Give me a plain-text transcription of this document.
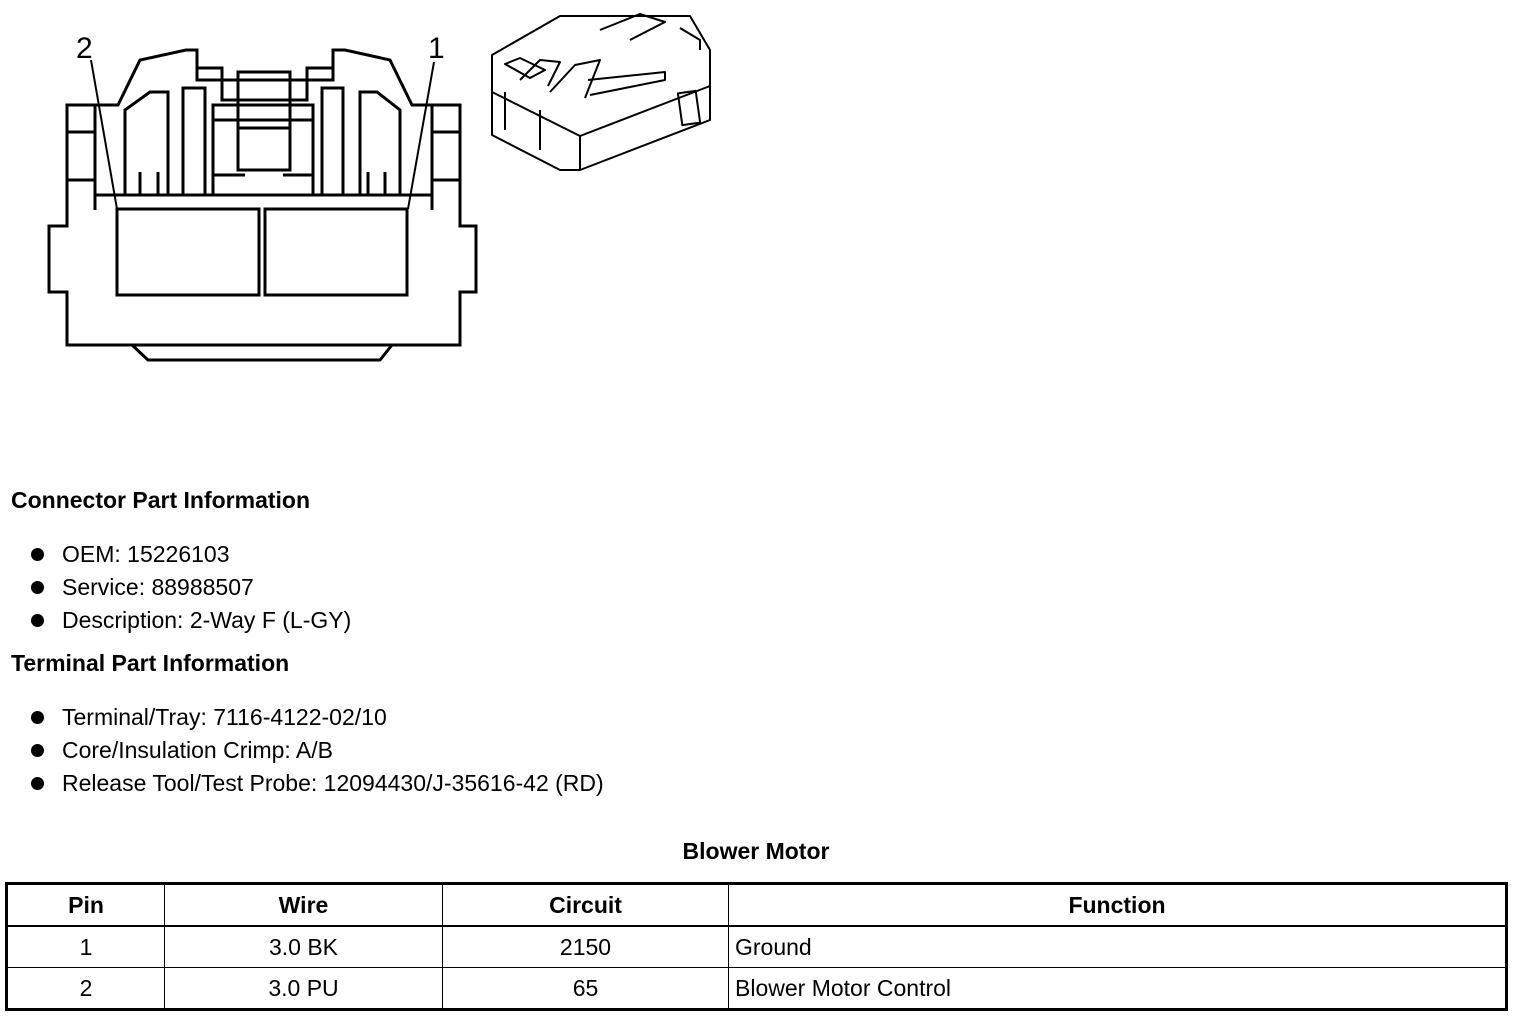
2	1
Connector Part Information
OEM: 15226103
Service: 88988507
Description: 2-Way F (L-GY)
Terminal Part Information
Terminal/Tray: 7116-4122-02/10
Core/Insulation Crimp: A/B
Release Tool/Test Probe: 12094430/J-35616-42 (RD)
Blower Motor
Pin	Wire	Circuit	Function
1	3.0 BK	2150	Ground
2	3.0 PU	65	Blower Motor Control
